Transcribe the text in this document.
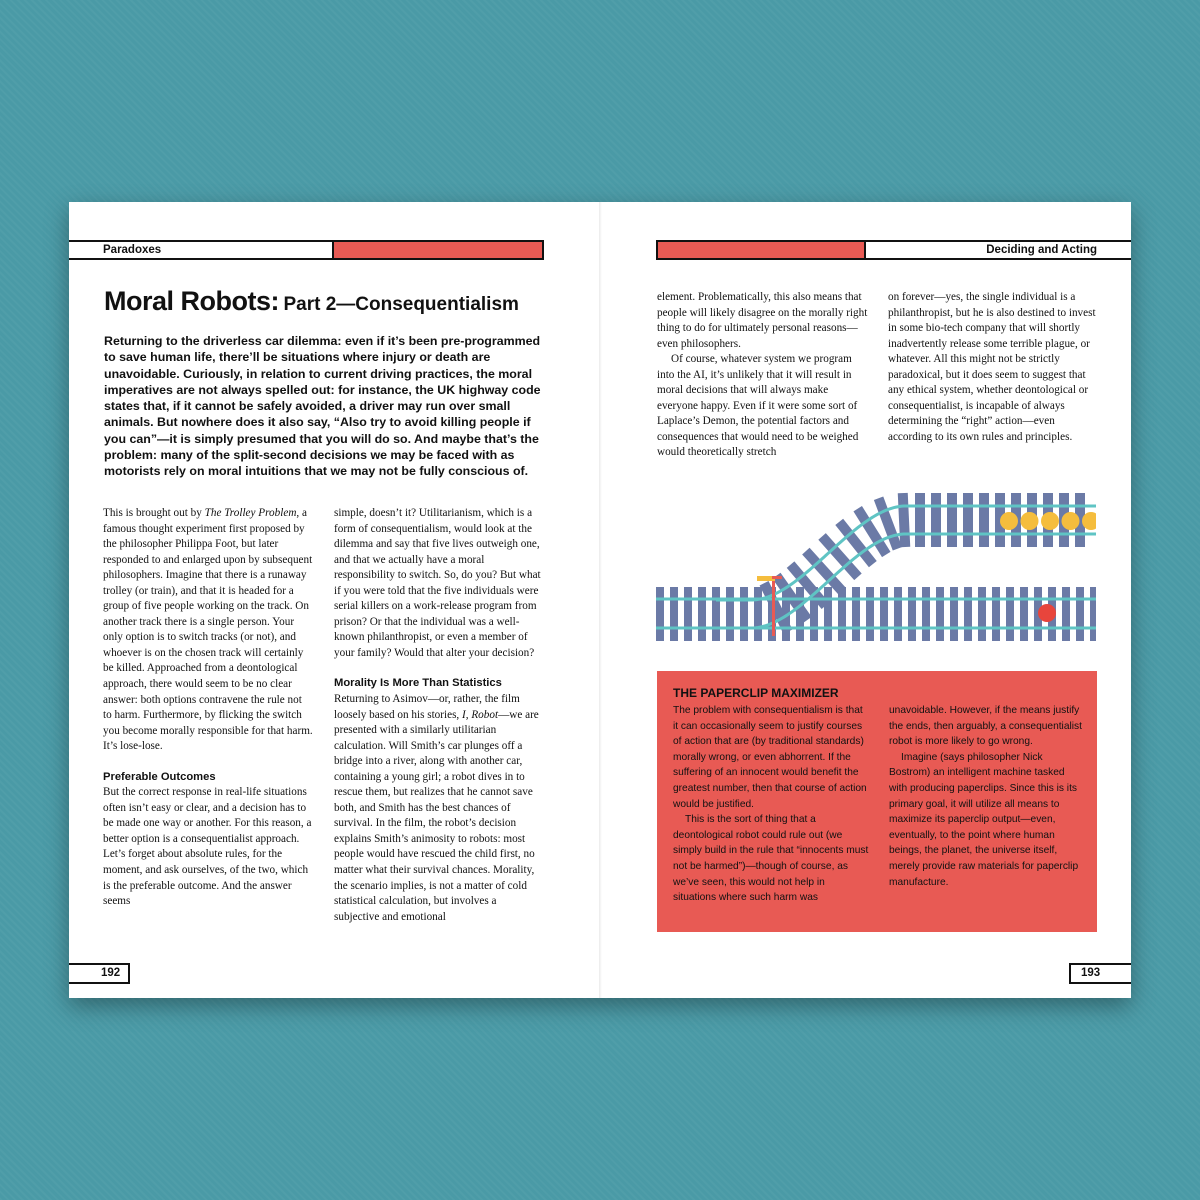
Paradoxes
Moral Robots: Part 2—Consequentialism
Returning to the driverless car dilemma: even if it’s been pre-programmed to save human life, there’ll be situations where injury or death are unavoidable. Curiously, in relation to current driving practices, the moral imperatives are not always spelled out: for instance, the UK highway code states that, if it cannot be safely avoided, a driver may run over small animals. But nowhere does it also say, “Also try to avoid killing people if you can”—it is simply presumed that you will do so. And maybe that’s the problem: many of the split-second decisions we may be faced with as motorists rely on moral intuitions that we may not be fully conscious of.

This is brought out by The Trolley Problem, a famous thought experiment first proposed by the philosopher Philippa Foot, but later responded to and enlarged upon by subsequent philosophers. Imagine that there is a runaway trolley (or train), and that it is headed for a group of five people working on the track. On another track there is a single person. Your only option is to switch tracks (or not), and whoever is on the chosen track will certainly be killed. Approached from a deontological approach, there would seem to be no clear answer: both options contravene the rule not to harm. Furthermore, by flicking the switch you become morally responsible for that harm. It’s lose-lose.

Preferable Outcomes

But the correct response in real-life situations often isn’t easy or clear, and a decision has to be made one way or another. For this reason, a better option is a consequentialist approach. Let’s forget about absolute rules, for the moment, and ask ourselves, of the two, which is the preferable outcome. And the answer seems

simple, doesn’t it? Utilitarianism, which is a form of consequentialism, would look at the dilemma and say that five lives outweigh one, and that we actually have a moral responsibility to switch. So, do you? But what if you were told that the five individuals were serial killers on a work-release program from prison? Or that the individual was a well-known philanthropist, or even a member of your family? Would that alter your decision?

Morality Is More Than Statistics

Returning to Asimov—or, rather, the film loosely based on his stories, I, Robot—we are presented with a similarly utilitarian calculation. Will Smith’s car plunges off a bridge into a river, along with another car, containing a young girl; a robot dives in to rescue them, but realizes that he cannot save both, and Smith has the best chances of survival. In the film, the robot’s decision explains Smith’s animosity to robots: most people would have rescued the child first, no matter what their survival chances. Morality, the scenario implies, is not a matter of cold statistical calculation, but involves a subjective and emotional

192
Deciding and Acting

element. Problematically, this also means that people will likely disagree on the morally right thing to do for ultimately personal reasons—even philosophers.

Of course, whatever system we program into the AI, it’s unlikely that it will result in moral decisions that will always make everyone happy. Even if it were some sort of Laplace’s Demon, the potential factors and consequences that would need to be weighed would theoretically stretch

on forever—yes, the single individual is a philanthropist, but he is also destined to invest in some bio-tech company that will shortly inadvertently release some terrible plague, or whatever. All this might not be strictly paradoxical, but it does seem to suggest that any ethical system, whether deontological or consequentialist, is incapable of always determining the “right” action—even according to its own rules and principles.

THE PAPERCLIP MAXIMIZER

The problem with consequentialism is that it can occasionally seem to justify courses of action that are (by traditional standards) morally wrong, or even abhorrent. If the suffering of an innocent would benefit the greatest number, then that course of action would be justified.

This is the sort of thing that a deontological robot could rule out (we simply build in the rule that “innocents must not be harmed”)—though of course, as we’ve seen, this would not help in situations where such harm was

unavoidable. However, if the means justify the ends, then arguably, a consequentialist robot is more likely to go wrong.

Imagine (says philosopher Nick Bostrom) an intelligent machine tasked with producing paperclips. Since this is its primary goal, it will utilize all means to maximize its paperclip output—even, eventually, to the point where human beings, the planet, the universe itself, merely provide raw materials for paperclip manufacture.

193
